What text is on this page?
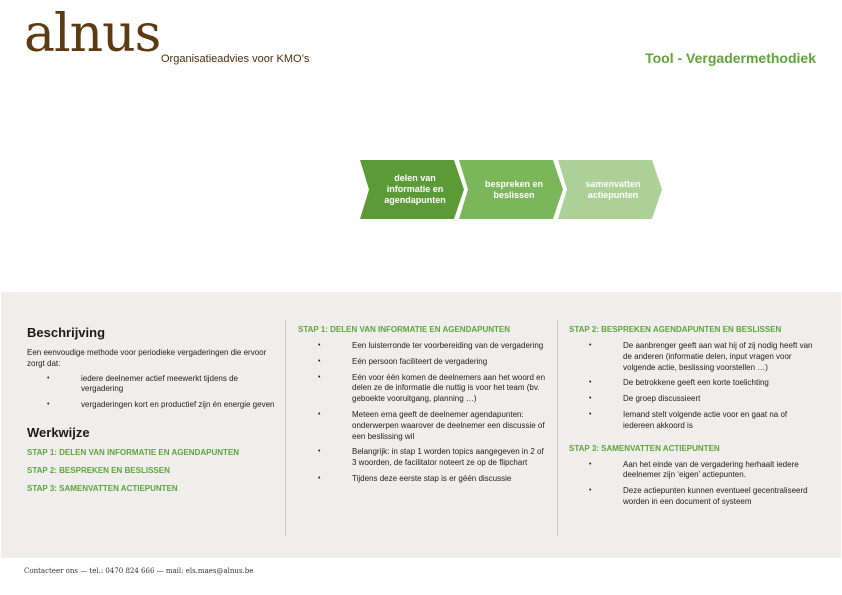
alnus Organisatieadvies voor KMO’s	Tool - Vergadermethodiek
delen van informatie en agendapunten
bespreken en beslissen
samenvatten actiepunten
Beschrijving

Een eenvoudige methode voor periodieke vergaderingen die ervoor zorgt dat:

• iedere deelnemer actief meewerkt tijdens de vergadering
• vergaderingen kort en productief zijn én energie geven
Werkwijze
STAP 1: DELEN VAN INFORMATIE EN AGENDAPUNTEN
STAP 2: BESPREKEN EN BESLISSEN
STAP 3: SAMENVATTEN ACTIEPUNTEN
STAP 1: DELEN VAN INFORMATIE EN AGENDAPUNTEN
• Een luisterronde ter voorbereiding van de vergadering
• Eén persoon faciliteert de vergadering
• Eén voor één komen de deelnemers aan het woord en delen ze de informatie die nuttig is voor het team (bv. geboekte vooruitgang, planning …)
• Meteen erna geeft de deelnemer agendapunten: onderwerpen waarover de deelnemer een discussie of een beslissing wil
• Belangrijk: in stap 1 worden topics aangegeven in 2 of 3 woorden, de facilitator noteert ze op de flipchart
• Tijdens deze eerste stap is er géén discussie
STAP 2: BESPREKEN AGENDAPUNTEN EN BESLISSEN
• De aanbrenger geeft aan wat hij of zij nodig heeft van de anderen (informatie delen, input vragen voor volgende actie, beslissing voorstellen …)
• De betrokkene geeft een korte toelichting
• De groep discussieert
• Iemand stelt volgende actie voor en gaat na of iedereen akkoord is
STAP 3: SAMENVATTEN ACTIEPUNTEN
• Aan het einde van de vergadering herhaalt iedere deelnemer zijn ‘eigen’ actiepunten.
• Deze actiepunten kunnen eventueel gecentraliseerd worden in een document of systeem
Contacteer ons — tel.: 0470 824 666 — mail: els.maes@alnus.be
